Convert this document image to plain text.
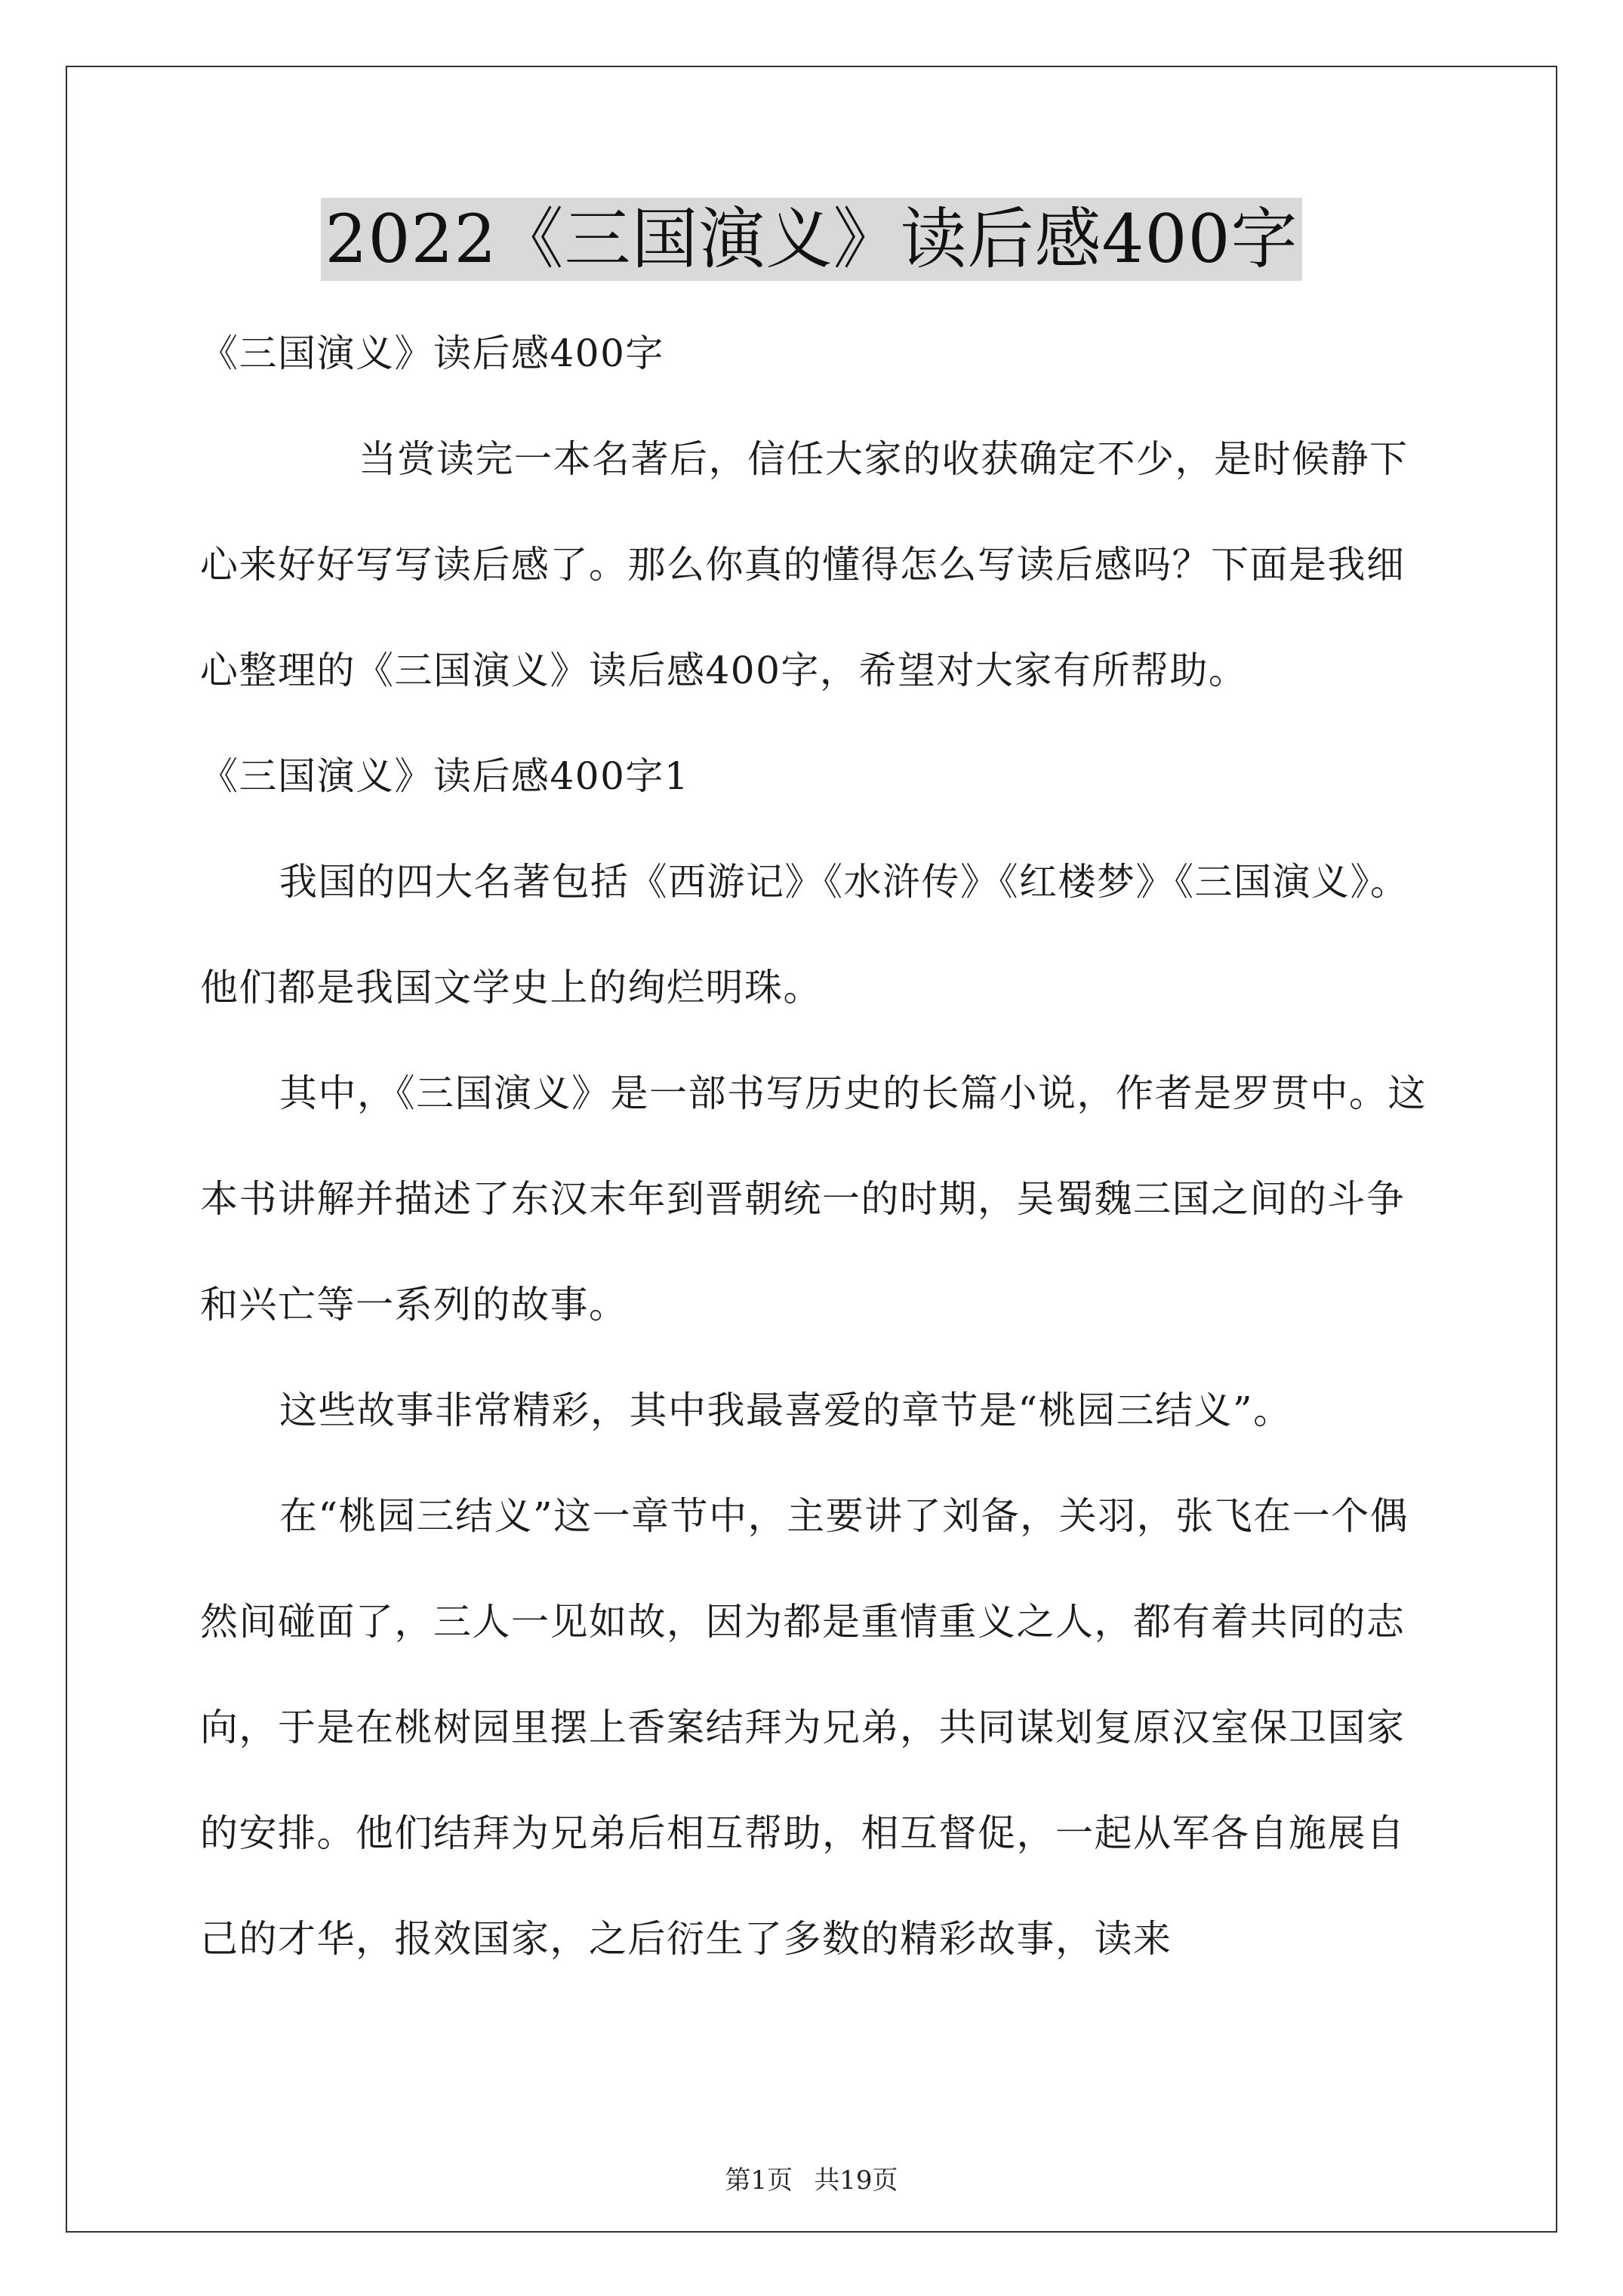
2022《三国演义》读后感400字

《三国演义》读后感400字

当赏读完一本名著后，信任大家的收获确定不少，是时候静下心来好好写写读后感了。那么你真的懂得怎么写读后感吗？下面是我细心整理的《三国演义》读后感400字，希望对大家有所帮助。

《三国演义》读后感400字1

我国的四大名著包括《西游记》《水浒传》《红楼梦》《三国演义》。他们都是我国文学史上的绚烂明珠。

其中，《三国演义》是一部书写历史的长篇小说，作者是罗贯中。这本书讲解并描述了东汉末年到晋朝统一的时期，吴蜀魏三国之间的斗争和兴亡等一系列的故事。

这些故事非常精彩，其中我最喜爱的章节是“桃园三结义”。

在“桃园三结义”这一章节中，主要讲了刘备，关羽，张飞在一个偶然间碰面了，三人一见如故，因为都是重情重义之人，都有着共同的志向，于是在桃树园里摆上香案结拜为兄弟，共同谋划复原汉室保卫国家的安排。他们结拜为兄弟后相互帮助，相互督促，一起从军各自施展自己的才华，报效国家，之后衍生了多数的精彩故事，读来

第1页 共19页
